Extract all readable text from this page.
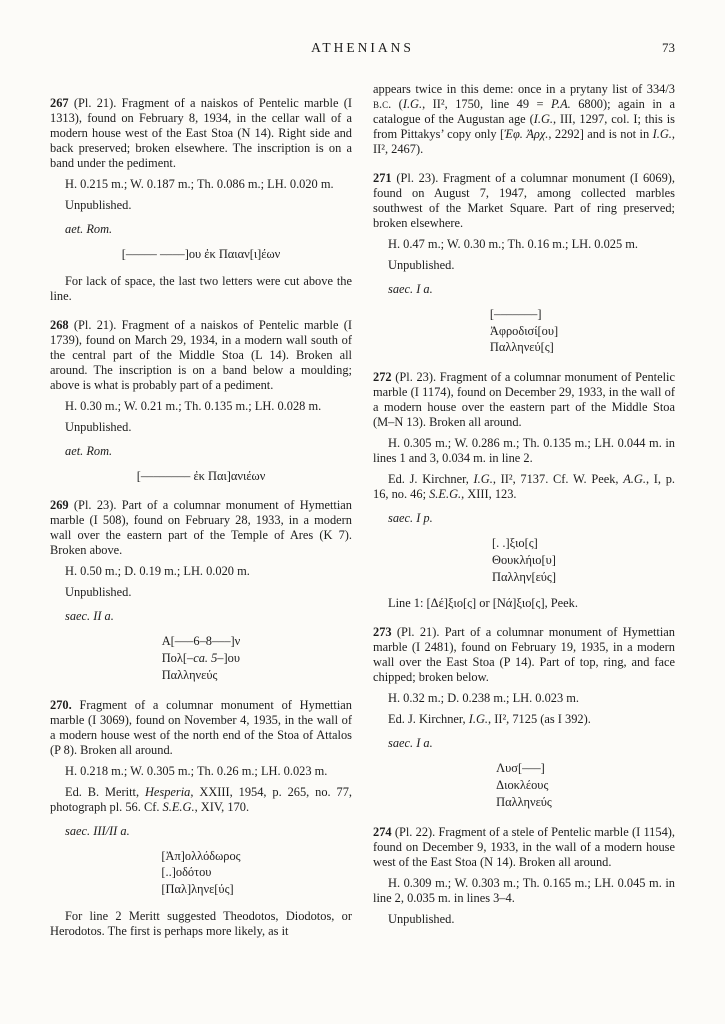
ATHENIANS	73
267 (Pl. 21). Fragment of a naiskos of Pentelic marble (I 1313), found on February 8, 1934, in the cellar wall of a modern house west of the East Stoa (N 14). Right side and back preserved; broken elsewhere. The inscription is on a band under the pediment.
H. 0.215 m.; W. 0.187 m.; Th. 0.086 m.; LH. 0.020 m.
Unpublished.
aet. Rom.
[––––– ––––]ου ἐκ Παιαν[ι]έων
For lack of space, the last two letters were cut above the line.
268 (Pl. 21). Fragment of a naiskos of Pentelic marble (I 1739), found on March 29, 1934, in a modern wall south of the central part of the Middle Stoa (L 14). Broken all around. The inscription is on a band below a moulding; above is what is probably part of a pediment.
H. 0.30 m.; W. 0.21 m.; Th. 0.135 m.; LH. 0.028 m.
Unpublished.
aet. Rom.
[–––––––– ἐκ Παι]ανιέων
269 (Pl. 23). Part of a columnar monument of Hymettian marble (I 508), found on February 28, 1933, in a modern wall over the eastern part of the Temple of Ares (K 7). Broken above.
H. 0.50 m.; D. 0.19 m.; LH. 0.020 m.
Unpublished.
saec. II a.
Α[–––6–8–––]ν
Πολ[–ca. 5–]ου
Παλληνεύς
270. Fragment of a columnar monument of Hymettian marble (I 3069), found on November 4, 1935, in the wall of a modern house west of the north end of the Stoa of Attalos (P 8). Broken all around.
H. 0.218 m.; W. 0.305 m.; Th. 0.26 m.; LH. 0.023 m.
Ed. B. Meritt, Hesperia, XXIII, 1954, p. 265, no. 77, photograph pl. 56. Cf. S.E.G., XIV, 170.
saec. III/II a.
[Ἀπ]ολλόδωρος
[..]οδότου
[Παλ]ληνε[ύς]
For line 2 Meritt suggested Theodotos, Diodotos, or Herodotos. The first is perhaps more likely, as it
appears twice in this deme: once in a prytany list of 334/3 b.c. (I.G., II², 1750, line 49 = P.A. 6800); again in a catalogue of the Augustan age (I.G., III, 1297, col. I; this is from Pittakys’ copy only [Ἐφ. Ἀρχ., 2292] and is not in I.G., II², 2467).
271 (Pl. 23). Fragment of a columnar monument (I 6069), found on August 7, 1947, among collected marbles southwest of the Market Square. Part of ring preserved; broken elsewhere.
H. 0.47 m.; W. 0.30 m.; Th. 0.16 m.; LH. 0.025 m.
Unpublished.
saec. I a.
[–––––––]
Ἀφροδισί[ου]
Παλληνεύ[ς]
272 (Pl. 23). Fragment of a columnar monument of Pentelic marble (I 1174), found on December 29, 1933, in the wall of a modern house over the eastern part of the Middle Stoa (M–N 13). Broken all around.
H. 0.305 m.; W. 0.286 m.; Th. 0.135 m.; LH. 0.044 m. in lines 1 and 3, 0.034 m. in line 2.
Ed. J. Kirchner, I.G., II², 7137. Cf. W. Peek, A.G., I, p. 16, no. 46; S.E.G., XIII, 123.
saec. I p.
[. .]ξιο[ς]
Θουκλήιο[υ]
Παλλην[εύς]
Line 1: [Δέ]ξιο[ς] or [Νά]ξιο[ς], Peek.
273 (Pl. 21). Part of a columnar monument of Hymettian marble (I 2481), found on February 19, 1935, in a modern wall over the East Stoa (P 14). Part of top, ring, and face chipped; broken below.
H. 0.32 m.; D. 0.238 m.; LH. 0.023 m.
Ed. J. Kirchner, I.G., II², 7125 (as I 392).
saec. I a.
Λυσ[–––]
Διοκλέους
Παλληνεύς
274 (Pl. 22). Fragment of a stele of Pentelic marble (I 1154), found on December 9, 1933, in the wall of a modern house west of the East Stoa (N 14). Broken all around.
H. 0.309 m.; W. 0.303 m.; Th. 0.165 m.; LH. 0.045 m. in line 2, 0.035 m. in lines 3–4.
Unpublished.
